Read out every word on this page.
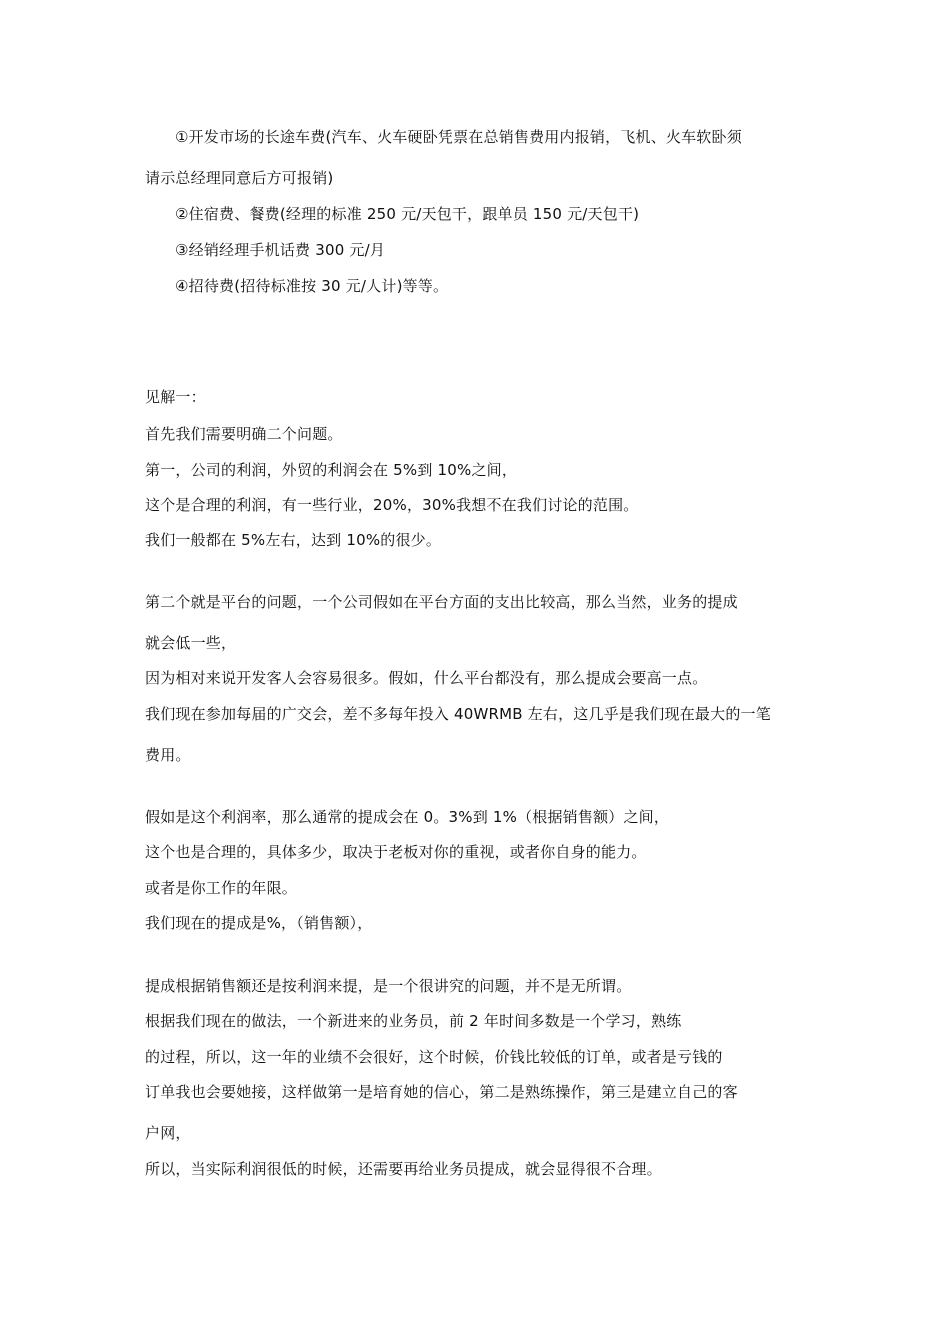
①开发市场的长途车费(汽车、火车硬卧凭票在总销售费用内报销，飞机、火车软卧须
请示总经理同意后方可报销)
②住宿费、餐费(经理的标准 250 元/天包干，跟单员 150 元/天包干)
③经销经理手机话费 300 元/月
④招待费(招待标准按 30 元/人计)等等。
见解一：
首先我们需要明确二个问题。
第一，公司的利润，外贸的利润会在 5%到 10%之间，
这个是合理的利润，有一些行业，20%，30%我想不在我们讨论的范围。
我们一般都在 5%左右，达到 10%的很少。
第二个就是平台的问题，一个公司假如在平台方面的支出比较高，那么当然，业务的提成
就会低一些，
因为相对来说开发客人会容易很多。假如，什么平台都没有，那么提成会要高一点。
我们现在参加每届的广交会，差不多每年投入 40WRMB 左右，这几乎是我们现在最大的一笔
费用。
假如是这个利润率，那么通常的提成会在 0。3%到 1%（根据销售额）之间，
这个也是合理的，具体多少，取决于老板对你的重视，或者你自身的能力。
或者是你工作的年限。
我们现在的提成是%，（销售额），
提成根据销售额还是按利润来提，是一个很讲究的问题，并不是无所谓。
根据我们现在的做法，一个新进来的业务员，前 2 年时间多数是一个学习，熟练
的过程，所以，这一年的业绩不会很好，这个时候，价钱比较低的订单，或者是亏钱的
订单我也会要她接，这样做第一是培育她的信心，第二是熟练操作，第三是建立自己的客
户网，
所以，当实际利润很低的时候，还需要再给业务员提成，就会显得很不合理。
